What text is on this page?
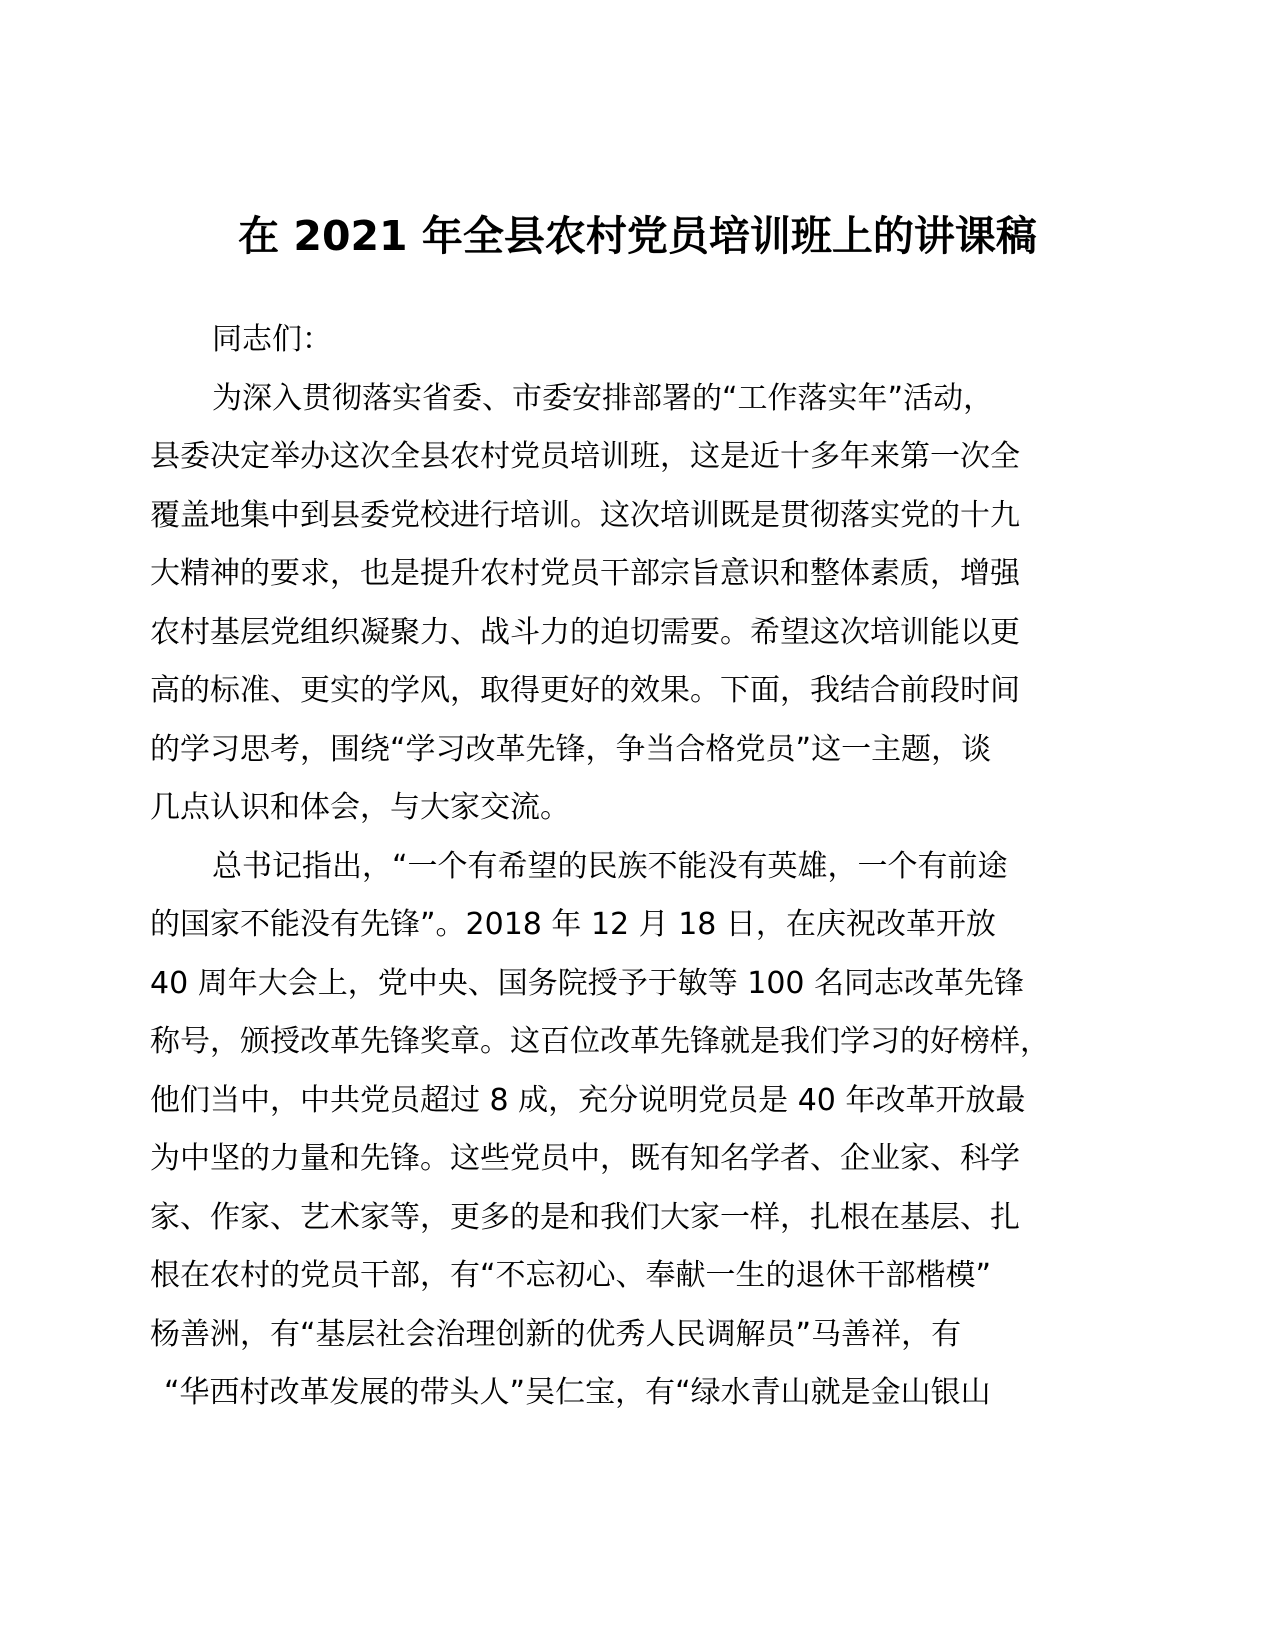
在 2021 年全县农村党员培训班上的讲课稿
同志们：
为深入贯彻落实省委、市委安排部署的“工作落实年”活动，
县委决定举办这次全县农村党员培训班，这是近十多年来第一次全
覆盖地集中到县委党校进行培训。这次培训既是贯彻落实党的十九
大精神的要求，也是提升农村党员干部宗旨意识和整体素质，增强
农村基层党组织凝聚力、战斗力的迫切需要。希望这次培训能以更
高的标准、更实的学风，取得更好的效果。下面，我结合前段时间
的学习思考，围绕“学习改革先锋，争当合格党员”这一主题，谈
几点认识和体会，与大家交流。
总书记指出，“一个有希望的民族不能没有英雄，一个有前途
的国家不能没有先锋”。2018 年 12 月 18 日，在庆祝改革开放
40 周年大会上，党中央、国务院授予于敏等 100 名同志改革先锋
称号，颁授改革先锋奖章。这百位改革先锋就是我们学习的好榜样，
他们当中，中共党员超过 8 成，充分说明党员是 40 年改革开放最
为中坚的力量和先锋。这些党员中，既有知名学者、企业家、科学
家、作家、艺术家等，更多的是和我们大家一样，扎根在基层、扎
根在农村的党员干部，有“不忘初心、奉献一生的退休干部楷模”
杨善洲，有“基层社会治理创新的优秀人民调解员”马善祥，有
“华西村改革发展的带头人”吴仁宝，有“绿水青山就是金山银山
